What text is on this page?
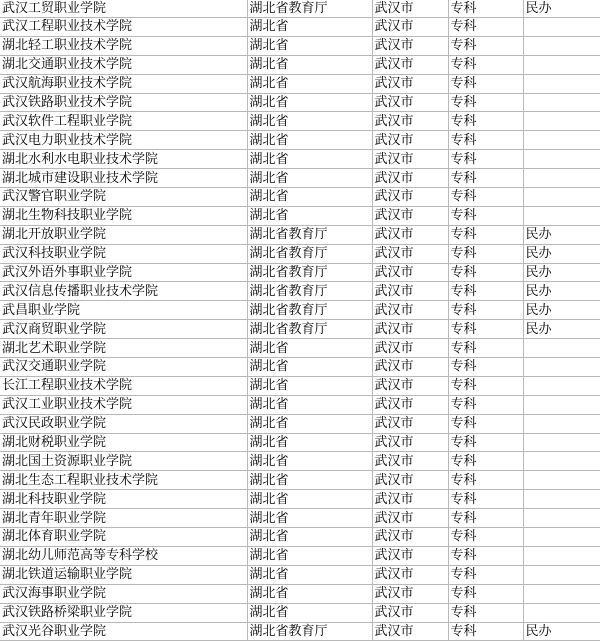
武汉工贸职业学院	湖北省教育厅	武汉市	专科	民办
武汉工程职业技术学院	湖北省	武汉市	专科	
湖北轻工职业技术学院	湖北省	武汉市	专科	
湖北交通职业技术学院	湖北省	武汉市	专科	
武汉航海职业技术学院	湖北省	武汉市	专科	
武汉铁路职业技术学院	湖北省	武汉市	专科	
武汉软件工程职业学院	湖北省	武汉市	专科	
武汉电力职业技术学院	湖北省	武汉市	专科	
湖北水利水电职业技术学院	湖北省	武汉市	专科	
湖北城市建设职业技术学院	湖北省	武汉市	专科	
武汉警官职业学院	湖北省	武汉市	专科	
湖北生物科技职业学院	湖北省	武汉市	专科	
湖北开放职业学院	湖北省教育厅	武汉市	专科	民办
武汉科技职业学院	湖北省教育厅	武汉市	专科	民办
武汉外语外事职业学院	湖北省教育厅	武汉市	专科	民办
武汉信息传播职业技术学院	湖北省教育厅	武汉市	专科	民办
武昌职业学院	湖北省教育厅	武汉市	专科	民办
武汉商贸职业学院	湖北省教育厅	武汉市	专科	民办
湖北艺术职业学院	湖北省	武汉市	专科	
武汉交通职业学院	湖北省	武汉市	专科	
长江工程职业技术学院	湖北省	武汉市	专科	
武汉工业职业技术学院	湖北省	武汉市	专科	
武汉民政职业学院	湖北省	武汉市	专科	
湖北财税职业学院	湖北省	武汉市	专科	
湖北国土资源职业学院	湖北省	武汉市	专科	
湖北生态工程职业技术学院	湖北省	武汉市	专科	
湖北科技职业学院	湖北省	武汉市	专科	
湖北青年职业学院	湖北省	武汉市	专科	
湖北体育职业学院	湖北省	武汉市	专科	
湖北幼儿师范高等专科学校	湖北省	武汉市	专科	
湖北铁道运输职业学院	湖北省	武汉市	专科	
武汉海事职业学院	湖北省	武汉市	专科	
武汉铁路桥梁职业学院	湖北省	武汉市	专科	
武汉光谷职业学院	湖北省教育厅	武汉市	专科	民办
